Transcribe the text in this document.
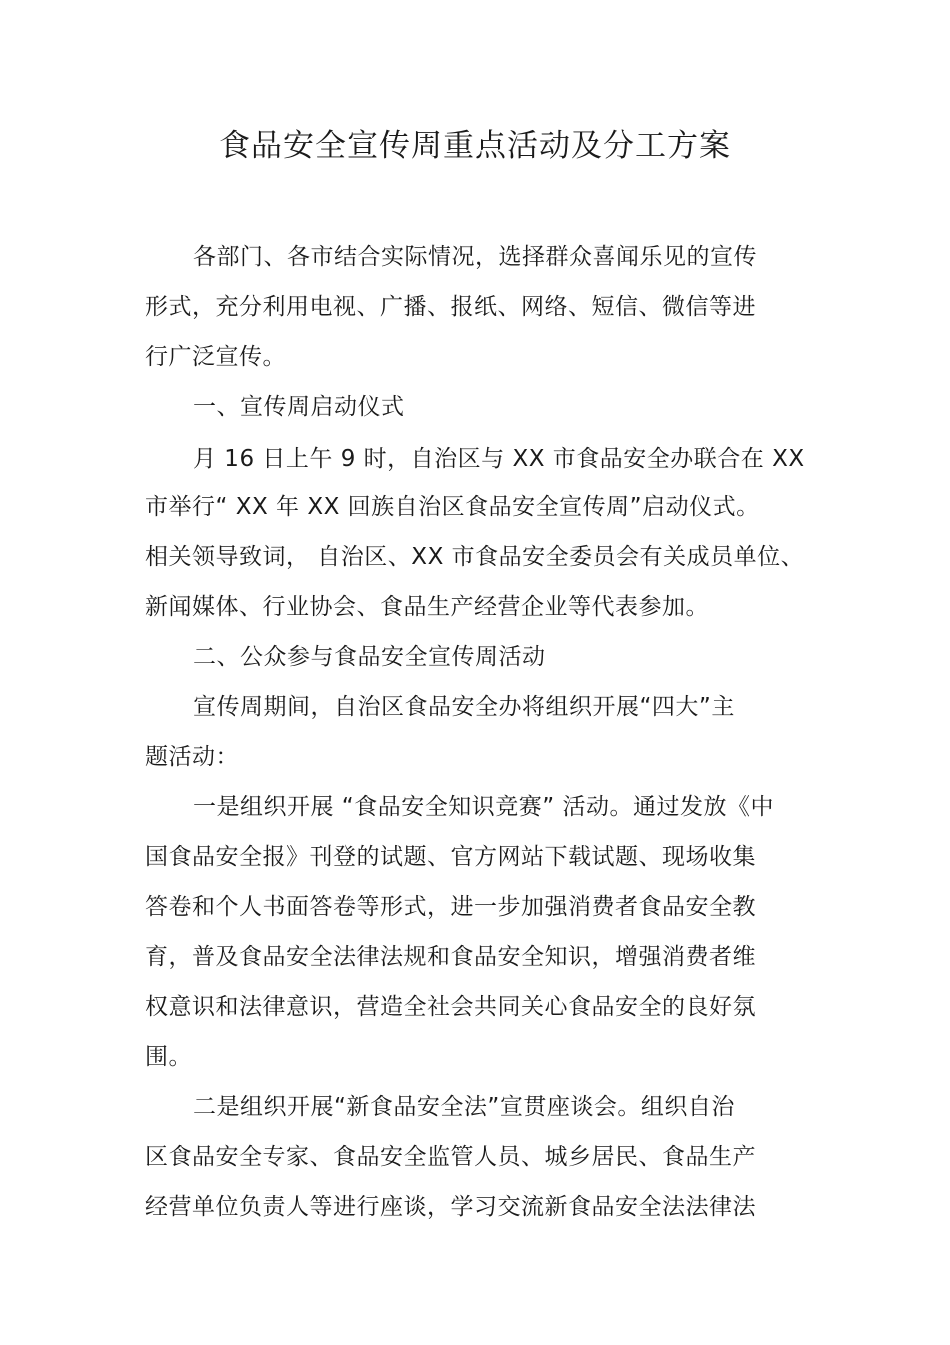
食品安全宣传周重点活动及分工方案
各部门、各市结合实际情况，选择群众喜闻乐见的宣传
形式，充分利用电视、广播、报纸、网络、短信、微信等进
行广泛宣传。
一、宣传周启动仪式
月 16 日上午 9 时，自治区与 XX 市食品安全办联合在 XX
市举行“ XX 年 XX 回族自治区食品安全宣传周”启动仪式。
相关领导致词， 自治区、XX 市食品安全委员会有关成员单位、
新闻媒体、行业协会、食品生产经营企业等代表参加。
二、公众参与食品安全宣传周活动
宣传周期间，自治区食品安全办将组织开展“四大”主
题活动：
一是组织开展 “食品安全知识竞赛” 活动。通过发放《中
国食品安全报》刊登的试题、官方网站下载试题、现场收集
答卷和个人书面答卷等形式，进一步加强消费者食品安全教
育，普及食品安全法律法规和食品安全知识，增强消费者维
权意识和法律意识，营造全社会共同关心食品安全的良好氛
围。
二是组织开展“新食品安全法”宣贯座谈会。组织自治
区食品安全专家、食品安全监管人员、城乡居民、食品生产
经营单位负责人等进行座谈，学习交流新食品安全法法律法
